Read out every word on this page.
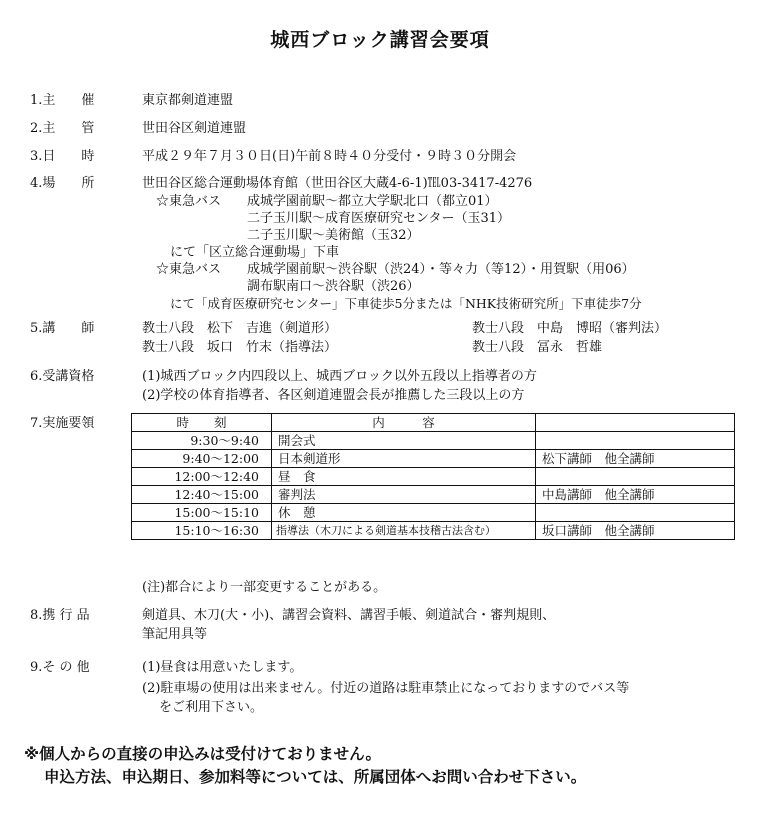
城西ブロック講習会要項
1.主　　催	東京都剣道連盟
2.主　　管	世田谷区剣道連盟
3.日　　時	平成２９年７月３０日(日)午前８時４０分受付・９時３０分開会
4.場　　所	世田谷区総合運動場体育館（世田谷区大蔵4-6-1)℡03-3417-4276
☆東急バス 成城学園前駅〜都立大学駅北口（都立01）
二子玉川駅〜成育医療研究センター（玉31）
二子玉川駅〜美術館（玉32）
にて「区立総合運動場」下車
☆東急バス 成城学園前駅〜渋谷駅（渋24）・等々力（等12）・用賀駅（用06）
調布駅南口〜渋谷駅（渋26）
にて「成育医療研究センター」下車徒歩5分または「NHK技術研究所」下車徒歩7分
5.講　　師	教士八段　松下　吉進（剣道形）	教士八段　中島　博昭（審判法）
教士八段　坂口　竹末（指導法）	教士八段　冨永　哲雄
6.受講資格	(1)城西ブロック内四段以上、城西ブロック以外五段以上指導者の方
(2)学校の体育指導者、各区剣道連盟会長が推薦した三段以上の方
7.実施要領	時　　刻	内　　　容	
9:30〜9:40	開会式	
9:40〜12:00	日本剣道形	松下講師　他全講師
12:00〜12:40	昼　食	
12:40〜15:00	審判法	中島講師　他全講師
15:00〜15:10	休　憩	
15:10〜16:30	指導法（木刀による剣道基本技稽古法含む）	坂口講師　他全講師
(注)都合により一部変更することがある。
8.携 行 品	剣道具、木刀(大・小)、講習会資料、講習手帳、剣道試合・審判規則、
筆記用具等
9.そ の 他	(1)昼食は用意いたします。
(2)駐車場の使用は出来ません。付近の道路は駐車禁止になっておりますのでバス等
をご利用下さい。
※個人からの直接の申込みは受付けておりません。
申込方法、申込期日、参加料等については、所属団体へお問い合わせ下さい。
